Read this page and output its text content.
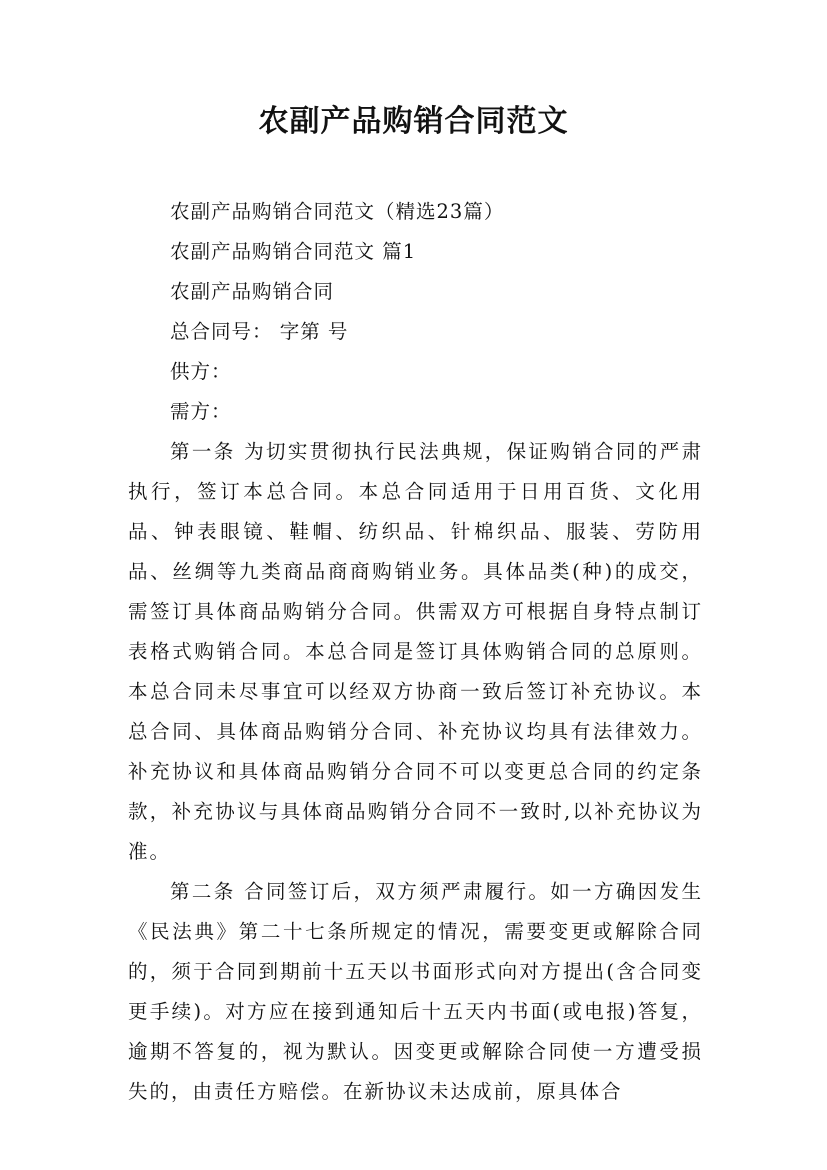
农副产品购销合同范文

农副产品购销合同范文（精选23篇）

农副产品购销合同范文 篇1

农副产品购销合同

总合同号： 字第 号

供方：

需方：

第一条 为切实贯彻执行民法典规，保证购销合同的严肃执行，签订本总合同。本总合同适用于日用百货、文化用品、钟表眼镜、鞋帽、纺织品、针棉织品、服装、劳防用品、丝绸等九类商品商商购销业务。具体品类(种)的成交，需签订具体商品购销分合同。供需双方可根据自身特点制订表格式购销合同。本总合同是签订具体购销合同的总原则。本总合同未尽事宜可以经双方协商一致后签订补充协议。本总合同、具体商品购销分合同、补充协议均具有法律效力。补充协议和具体商品购销分合同不可以变更总合同的约定条款，补充协议与具体商品购销分合同不一致时,以补充协议为准。

第二条 合同签订后，双方须严肃履行。如一方确因发生《民法典》第二十七条所规定的情况，需要变更或解除合同的，须于合同到期前十五天以书面形式向对方提出(含合同变更手续)。对方应在接到通知后十五天内书面(或电报)答复，逾期不答复的，视为默认。因变更或解除合同使一方遭受损失的，由责任方赔偿。在新协议未达成前，原具体合
